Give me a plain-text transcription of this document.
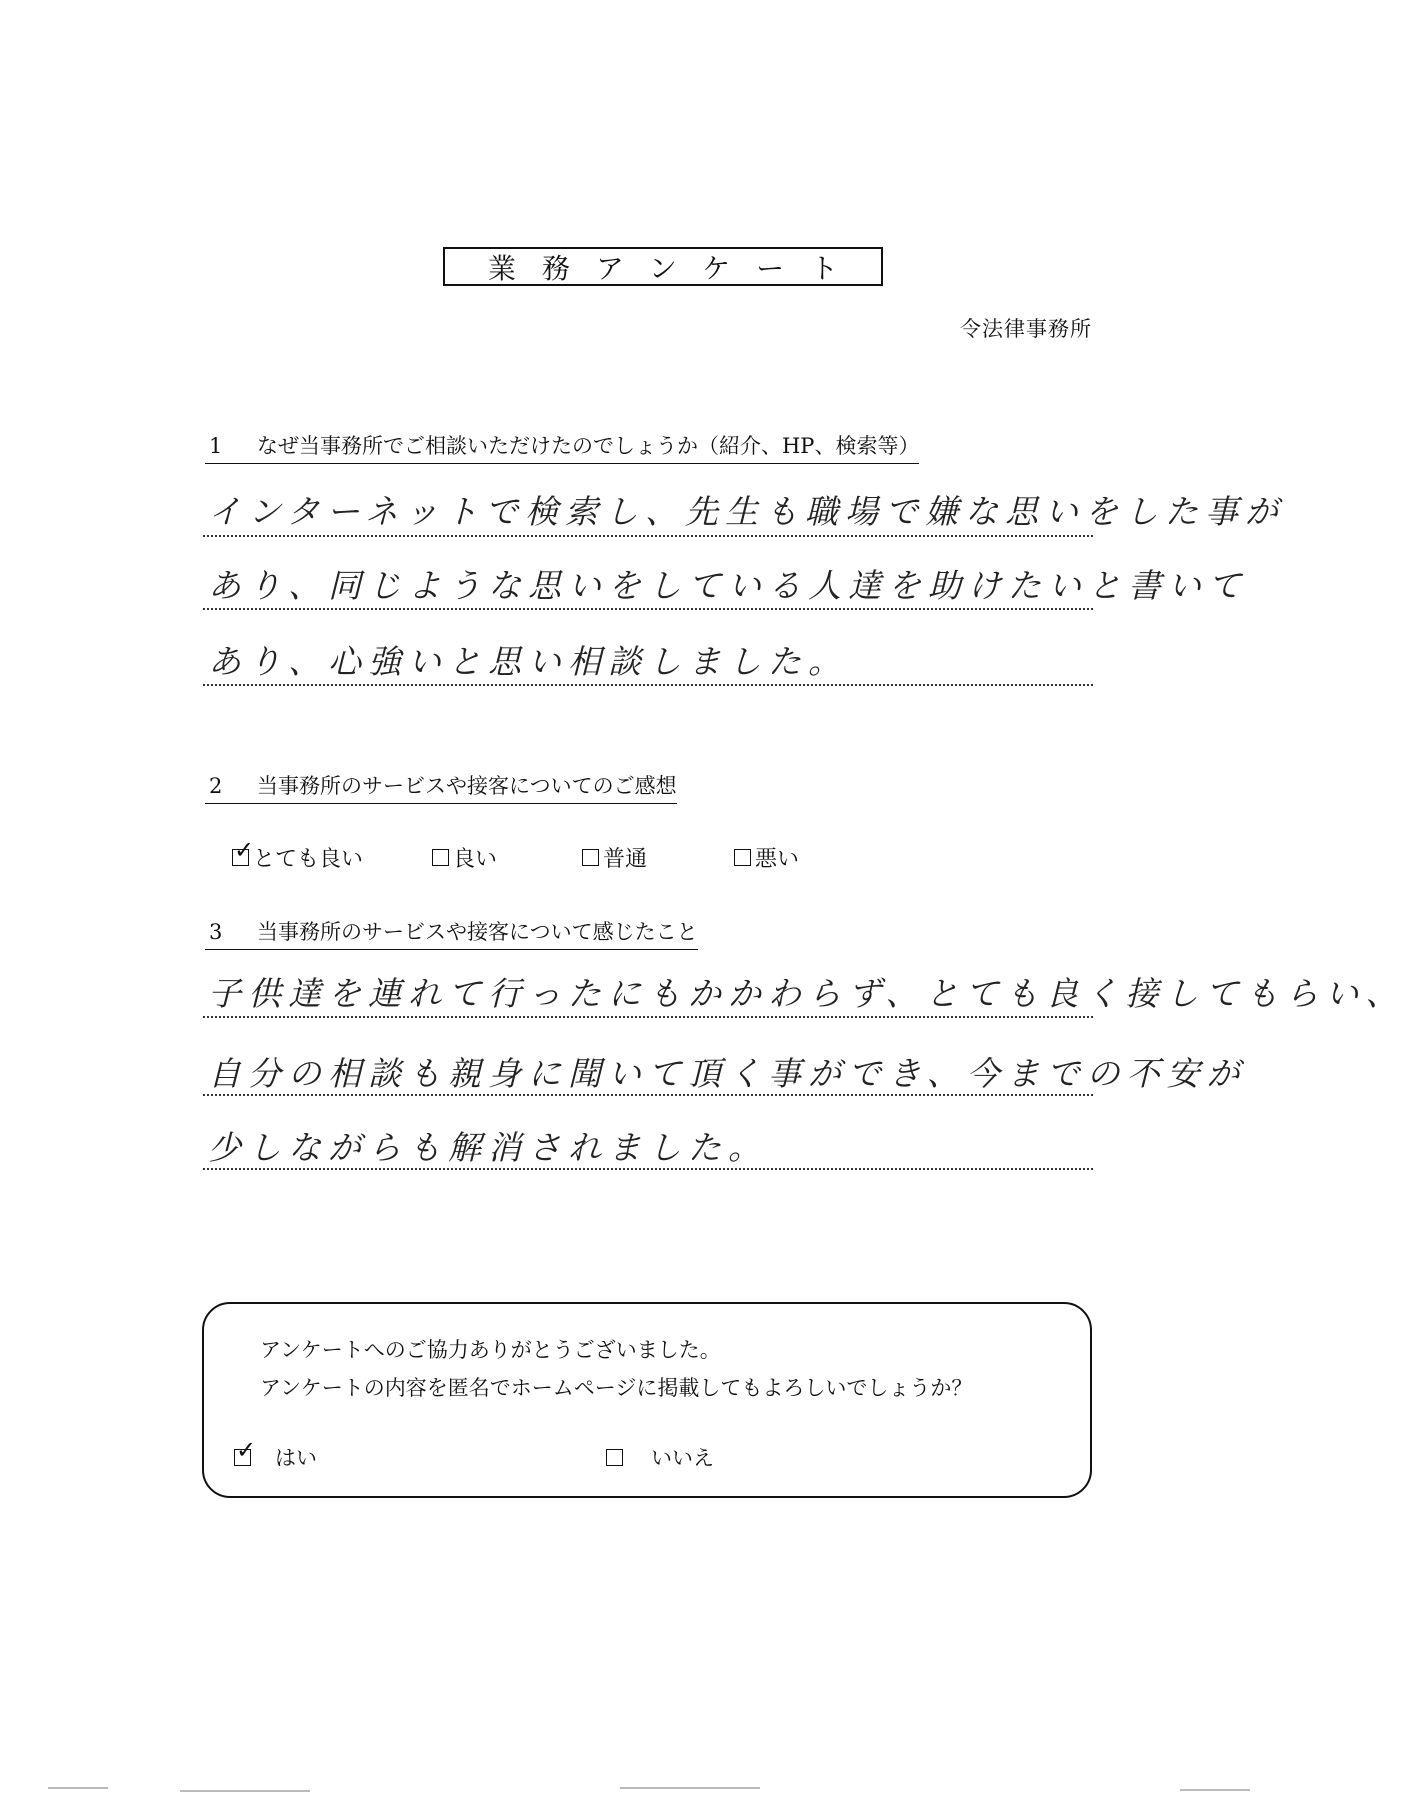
業務アンケート
令法律事務所
1 なぜ当事務所でご相談いただけたのでしょうか（紹介、HP、検索等）
インターネットで検索し、先生も職場で嫌な思いをした事が
あり、同じような思いをしている人達を助けたいと書いて
あり、心強いと思い相談しました。
2 当事務所のサービスや接客についてのご感想
✓
とても良い	良い	普通	悪い
3 当事務所のサービスや接客について感じたこと
子供達を連れて行ったにもかかわらず、とても良く接してもらい、
自分の相談も親身に聞いて頂く事ができ、今までの不安が
少しながらも解消されました。
アンケートへのご協力ありがとうございました。
アンケートの内容を匿名でホームページに掲載してもよろしいでしょうか？
✓ はい	いいえ
